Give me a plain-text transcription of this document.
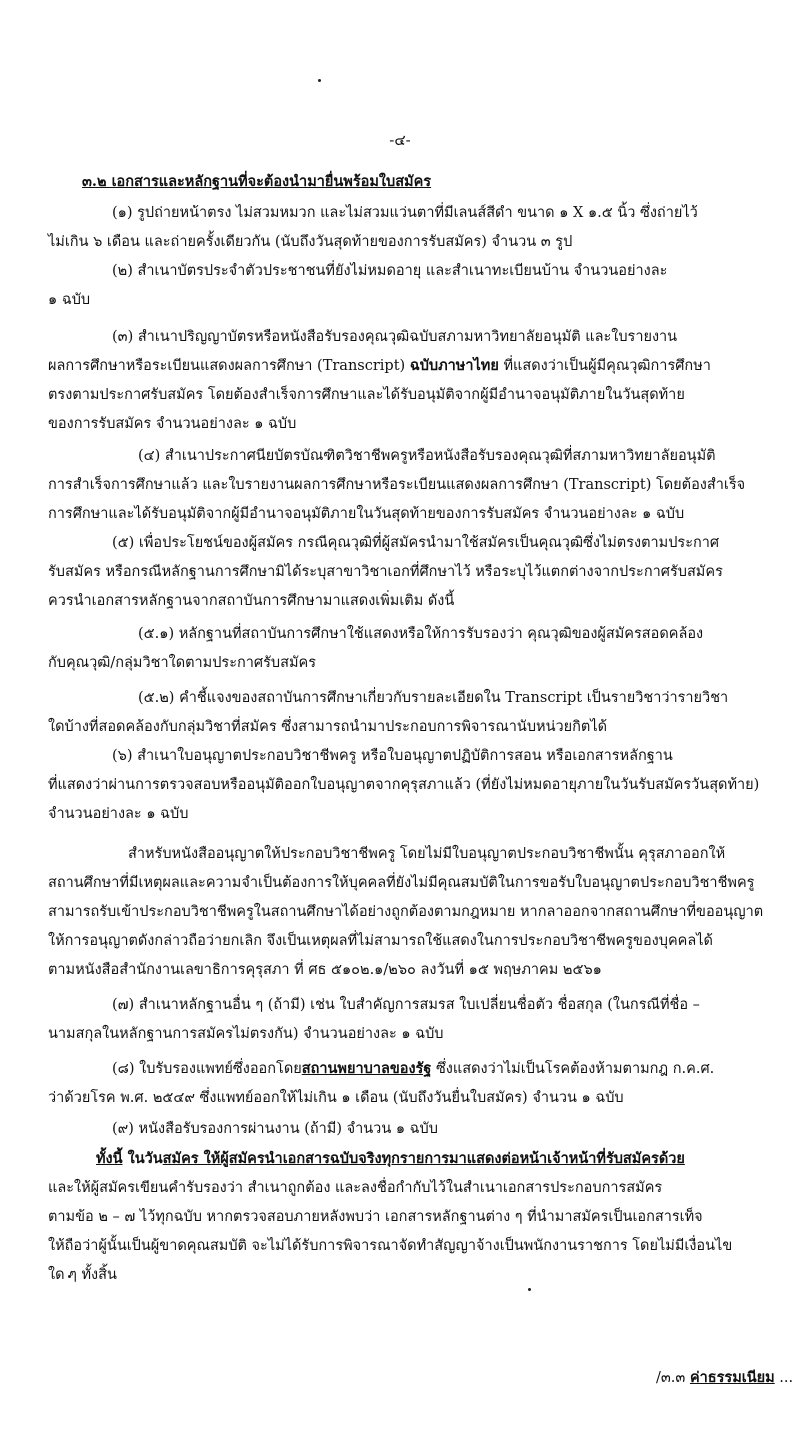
-๔-
๓.๒ เอกสารและหลักฐานที่จะต้องนำมายื่นพร้อมใบสมัคร
(๑) รูปถ่ายหน้าตรง ไม่สวมหมวก และไม่สวมแว่นตาที่มีเลนส์สีดำ ขนาด ๑ X ๑.๕ นิ้ว ซึ่งถ่ายไว้
ไม่เกิน ๖ เดือน และถ่ายครั้งเดียวกัน (นับถึงวันสุดท้ายของการรับสมัคร) จำนวน ๓ รูป
(๒) สำเนาบัตรประจำตัวประชาชนที่ยังไม่หมดอายุ และสำเนาทะเบียนบ้าน จำนวนอย่างละ
๑ ฉบับ
(๓) สำเนาปริญญาบัตรหรือหนังสือรับรองคุณวุฒิฉบับสภามหาวิทยาลัยอนุมัติ และใบรายงาน
ผลการศึกษาหรือระเบียนแสดงผลการศึกษา (Transcript) ฉบับภาษาไทย ที่แสดงว่าเป็นผู้มีคุณวุฒิการศึกษา
ตรงตามประกาศรับสมัคร โดยต้องสำเร็จการศึกษาและได้รับอนุมัติจากผู้มีอำนาจอนุมัติภายในวันสุดท้าย
ของการรับสมัคร จำนวนอย่างละ ๑ ฉบับ
(๔) สำเนาประกาศนียบัตรบัณฑิตวิชาชีพครูหรือหนังสือรับรองคุณวุฒิที่สภามหาวิทยาลัยอนุมัติ
การสำเร็จการศึกษาแล้ว และใบรายงานผลการศึกษาหรือระเบียนแสดงผลการศึกษา (Transcript) โดยต้องสำเร็จ
การศึกษาและได้รับอนุมัติจากผู้มีอำนาจอนุมัติภายในวันสุดท้ายของการรับสมัคร จำนวนอย่างละ ๑ ฉบับ
(๕) เพื่อประโยชน์ของผู้สมัคร กรณีคุณวุฒิที่ผู้สมัครนำมาใช้สมัครเป็นคุณวุฒิซึ่งไม่ตรงตามประกาศ
รับสมัคร หรือกรณีหลักฐานการศึกษามิได้ระบุสาขาวิชาเอกที่ศึกษาไว้ หรือระบุไว้แตกต่างจากประกาศรับสมัคร
ควรนำเอกสารหลักฐานจากสถาบันการศึกษามาแสดงเพิ่มเติม ดังนี้
(๕.๑) หลักฐานที่สถาบันการศึกษาใช้แสดงหรือให้การรับรองว่า คุณวุฒิของผู้สมัครสอดคล้อง
กับคุณวุฒิ/กลุ่มวิชาใดตามประกาศรับสมัคร
(๕.๒) คำชี้แจงของสถาบันการศึกษาเกี่ยวกับรายละเอียดใน Transcript เป็นรายวิชาว่ารายวิชา
ใดบ้างที่สอดคล้องกับกลุ่มวิชาที่สมัคร ซึ่งสามารถนำมาประกอบการพิจารณานับหน่วยกิตได้
(๖) สำเนาใบอนุญาตประกอบวิชาชีพครู หรือใบอนุญาตปฏิบัติการสอน หรือเอกสารหลักฐาน
ที่แสดงว่าผ่านการตรวจสอบหรืออนุมัติออกใบอนุญาตจากคุรุสภาแล้ว (ที่ยังไม่หมดอายุภายในวันรับสมัครวันสุดท้าย)
จำนวนอย่างละ ๑ ฉบับ
สำหรับหนังสืออนุญาตให้ประกอบวิชาชีพครู โดยไม่มีใบอนุญาตประกอบวิชาชีพนั้น คุรุสภาออกให้
สถานศึกษาที่มีเหตุผลและความจำเป็นต้องการให้บุคคลที่ยังไม่มีคุณสมบัติในการขอรับใบอนุญาตประกอบวิชาชีพครู
สามารถรับเข้าประกอบวิชาชีพครูในสถานศึกษาได้อย่างถูกต้องตามกฎหมาย หากลาออกจากสถานศึกษาที่ขออนุญาต
ให้การอนุญาตดังกล่าวถือว่ายกเลิก จึงเป็นเหตุผลที่ไม่สามารถใช้แสดงในการประกอบวิชาชีพครูของบุคคลได้
ตามหนังสือสำนักงานเลขาธิการคุรุสภา ที่ ศธ ๕๑๐๒.๑/๒๖๐ ลงวันที่ ๑๕ พฤษภาคม ๒๕๖๑
(๗) สำเนาหลักฐานอื่น ๆ (ถ้ามี) เช่น ใบสำคัญการสมรส ใบเปลี่ยนชื่อตัว ชื่อสกุล (ในกรณีที่ชื่อ –
นามสกุลในหลักฐานการสมัครไม่ตรงกัน) จำนวนอย่างละ ๑ ฉบับ
(๘) ใบรับรองแพทย์ซึ่งออกโดยสถานพยาบาลของรัฐ ซึ่งแสดงว่าไม่เป็นโรคต้องห้ามตามกฎ ก.ค.ศ.
ว่าด้วยโรค พ.ศ. ๒๕๔๙ ซึ่งแพทย์ออกให้ไม่เกิน ๑ เดือน (นับถึงวันยื่นใบสมัคร) จำนวน ๑ ฉบับ
(๙) หนังสือรับรองการผ่านงาน (ถ้ามี) จำนวน ๑ ฉบับ
ทั้งนี้ ในวันสมัคร ให้ผู้สมัครนำเอกสารฉบับจริงทุกรายการมาแสดงต่อหน้าเจ้าหน้าที่รับสมัครด้วย
และให้ผู้สมัครเขียนคำรับรองว่า สำเนาถูกต้อง และลงชื่อกำกับไว้ในสำเนาเอกสารประกอบการสมัคร
ตามข้อ ๒ – ๗ ไว้ทุกฉบับ หากตรวจสอบภายหลังพบว่า เอกสารหลักฐานต่าง ๆ ที่นำมาสมัครเป็นเอกสารเท็จ
ให้ถือว่าผู้นั้นเป็นผู้ขาดคุณสมบัติ จะไม่ได้รับการพิจารณาจัดทำสัญญาจ้างเป็นพนักงานราชการ โดยไม่มีเงื่อนไข
ใด ๆ ทั้งสิ้น
/๓.๓ ค่าธรรมเนียม ...
